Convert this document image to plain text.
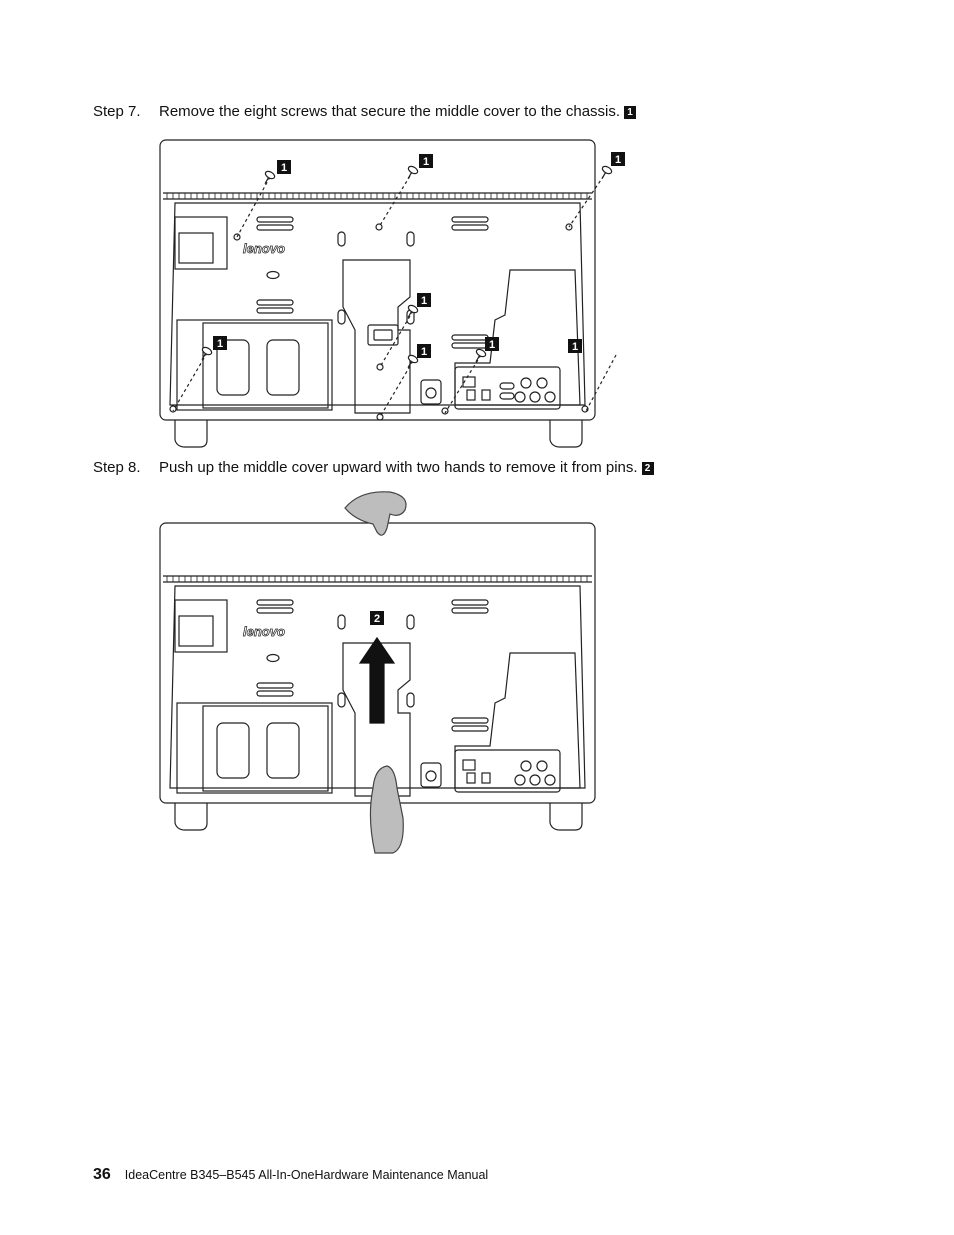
Step 7. Remove the eight screws that secure the middle cover to the chassis. 1
lenovo
1	1	1
1
1
1
1	1
Step 8. Push up the middle cover upward with two hands to remove it from pins. 2
lenovo
2
36 IdeaCentre B345–B545 All-In-OneHardware Maintenance Manual
